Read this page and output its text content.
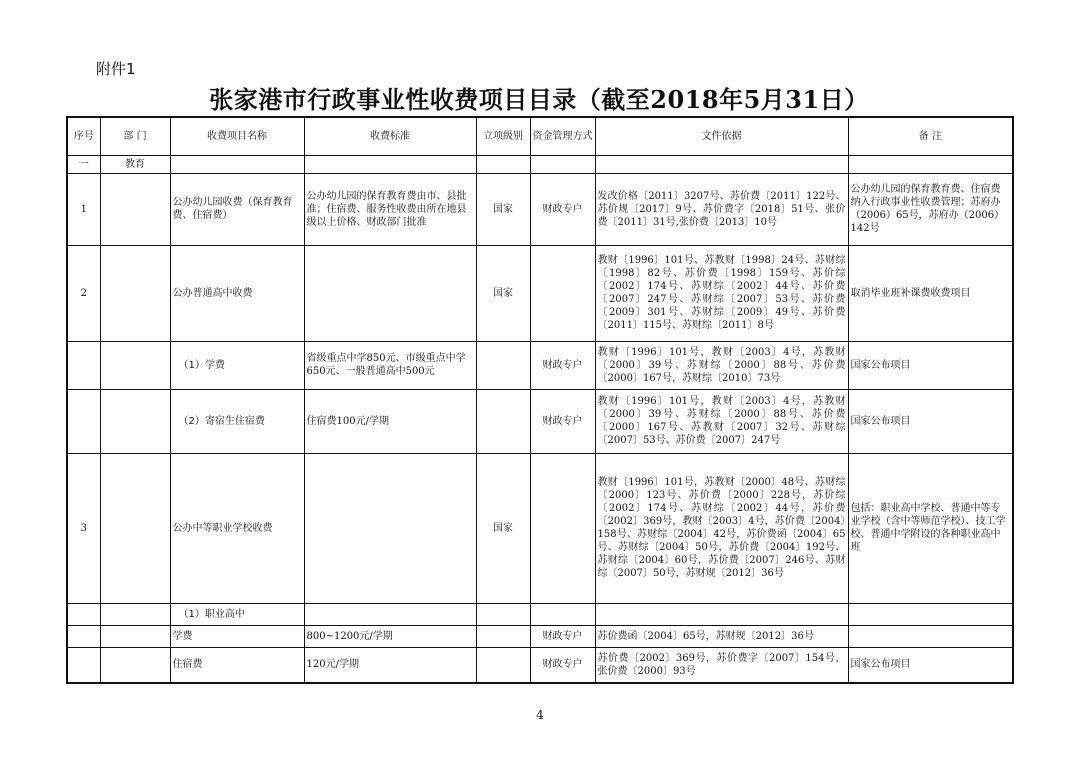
附件1
张家港市行政事业性收费项目目录（截至2018年5月31日）
序号	部 门	收费项目名称	收费标准	立项级别	资金管理方式	文件依据	备 注
一	教育						
1		公办幼儿园收费（保育教育费、住宿费）	公办幼儿园的保育教育费由市、县批准；住宿费、服务性收费由所在地县级以上价格、财政部门批准	国家	财政专户	发改价格〔2011〕3207号、苏价费〔2011〕122号、苏价规〔2017〕9号、苏价费字〔2018〕51号、张价费〔2011〕31号,张价费〔2013〕10号	公办幼儿园的保育教育费、住宿费纳入行政事业性收费管理；苏府办（2006）65号，苏府办（2006）142号
2		公办普通高中收费		国家		教财〔1996〕101号、苏教财〔1998〕24号、苏财综〔1998〕82号、苏价费〔1998〕159号、苏价综〔2002〕174号、苏财综〔2002〕44号、苏价费〔2007〕247号、苏财综〔2007〕53号、苏价费〔2009〕301号、苏财综〔2009〕49号、苏价费〔2011〕115号、苏财综〔2011〕8号	取消毕业班补课费收费项目
		（1）学费	省级重点中学850元、市级重点中学650元、一般普通高中500元		财政专户	教财〔1996〕101号，教财〔2003〕4号，苏教财〔2000〕39号、苏财综〔2000〕88号、苏价费〔2000〕167号，苏财综〔2010〕73号	国家公布项目
		（2）寄宿生住宿费	住宿费100元/学期		财政专户	教财〔1996〕101号，教财〔2003〕4号，苏教财〔2000〕39号、苏财综〔2000〕88号、苏价费〔2000〕167号、苏教财〔2007〕32号、苏财综〔2007〕53号、苏价费〔2007〕247号	国家公布项目
3		公办中等职业学校收费		国家		教财〔1996〕101号，苏教财〔2000〕48号、苏财综〔2000〕123号、苏价费〔2000〕228号，苏价综〔2002〕174号、苏财综〔2002〕44号，苏价费〔2002〕369号，教财〔2003〕4号，苏价费〔2004〕158号、苏财综〔2004〕42号，苏价费函〔2004〕65号、苏财综〔2004〕50号，苏价费〔2004〕192号、苏财综〔2004〕60号，苏价费〔2007〕246号、苏财综〔2007〕50号，苏财规〔2012〕36号	包括：职业高中学校、普通中等专业学校（含中等师范学校）、技工学校、普通中学附设的各种职业高中班
		（1）职业高中					
		学费	800~1200元/学期		财政专户	苏价费函〔2004〕65号，苏财规〔2012〕36号	
		住宿费	120元/学期		财政专户	苏价费〔2002〕369号，苏价费字〔2007〕154号，张价费〔2000〕93号	国家公布项目
4
